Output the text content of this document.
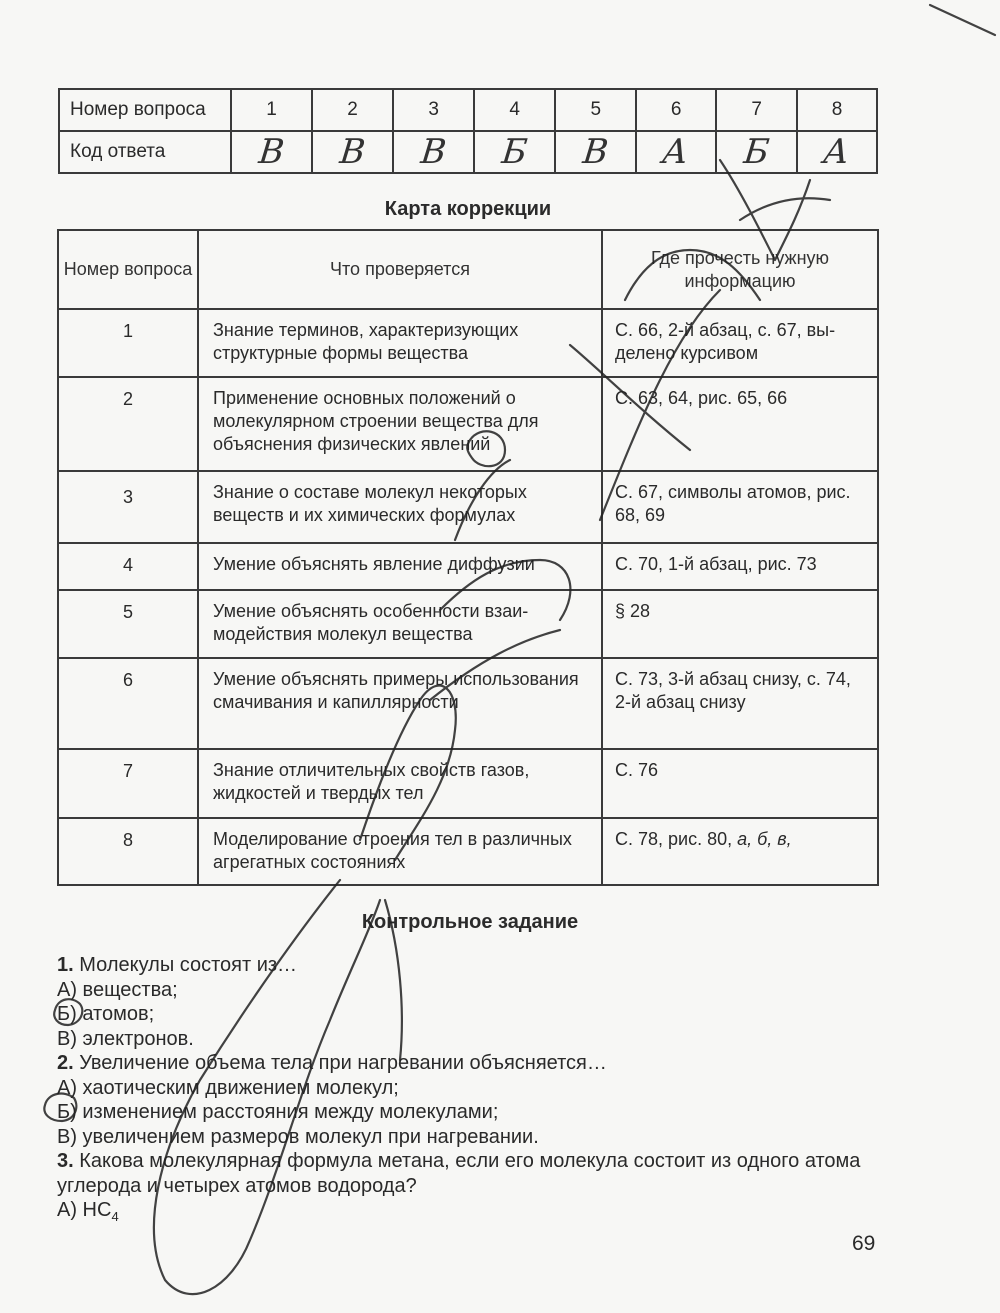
Номер вопроса	1	2	3	4	5	6	7	8
Код ответа	B	B	B	Б	B	A	Б	A
Карта коррекции
Номер вопроса	Что проверяется	Где прочесть нужную информацию
1	Знание терминов, характеризующих структурные формы вещества	С. 66, 2-й абзац, с. 67, выделено курсивом
2	Применение основных положений о молекулярном строении вещества для объяснения физических явлений	С. 63, 64, рис. 65, 66
3	Знание о составе молекул некоторых веществ и их химических формулах	С. 67, символы атомов, рис. 68, 69
4	Умение объяснять явление диффузии	С. 70, 1-й абзац, рис. 73
5	Умение объяснять особенности взаимодействия молекул вещества	§ 28
6	Умение объяснять примеры использования смачивания и капиллярности	С. 73, 3-й абзац снизу, с. 74, 2-й абзац снизу
7	Знание отличительных свойств газов, жидкостей и твердых тел	С. 76
8	Моделирование строения тел в различных агрегатных состояниях	С. 78, рис. 80, а, б, в,
Контрольное задание

1. Молекулы состоят из…

А) вещества;

Б) атомов;

В) электронов.

2. Увеличение объема тела при нагревании объясняется…

А) хаотическим движением молекул;

Б) изменением расстояния между молекулами;

В) увеличением размеров молекул при нагревании.

3. Какова молекулярная формула метана, если его молекула состоит из одного атома углерода и четырех атомов водорода?

А) $НС_4$

69
